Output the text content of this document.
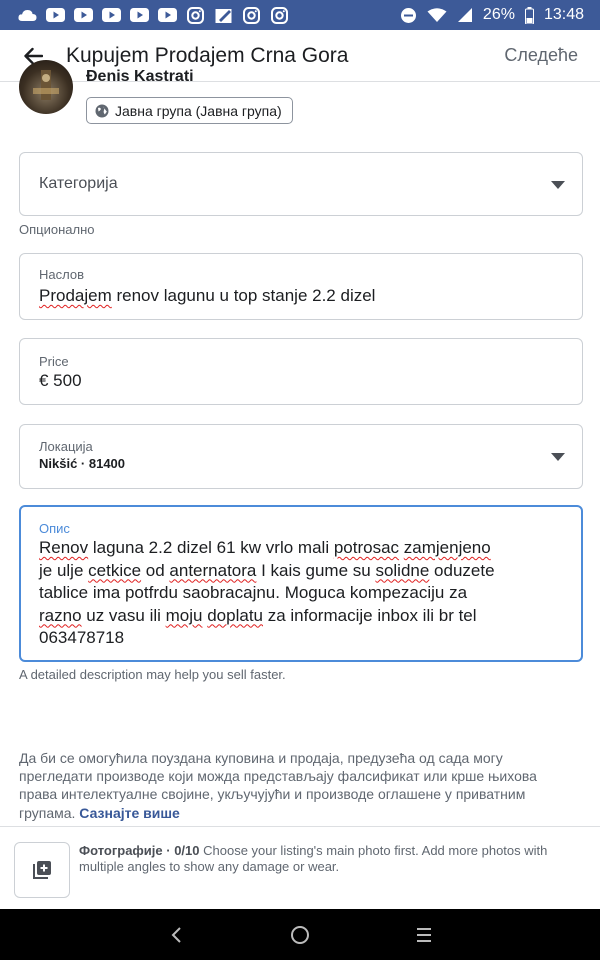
26% 13:48
Kupujem Prodajem Crna Gora	Следеће
Đenis Kastrati
Јавна група (Јавна група)
Категорија
Опционално
Наслов
Prodajem renov lagunu u top stanje 2.2 dizel
Price
€ 500
Локација
Nikšić · 81400
Опис
Renov laguna 2.2 dizel 61 kw vrlo mali potrosac zamjenjeno
je ulje cetkice od anternatora I kais gume su solidne oduzete
tablice ima potfrdu saobracajnu. Moguca kompezaciju za
razno uz vasu ili moju doplatu za informacije inbox ili br tel
063478718
A detailed description may help you sell faster.
Да би се омогућила поуздана куповина и продаја, предузећа од сада могу прегледати производе који можда представљају фалсификат или крше њихова права интелектуалне својине, укључујући и производе оглашене у приватним групама. Сазнајте више
Фотографије · 0/10 Choose your listing's main photo first. Add more photos with multiple angles to show any damage or wear.
